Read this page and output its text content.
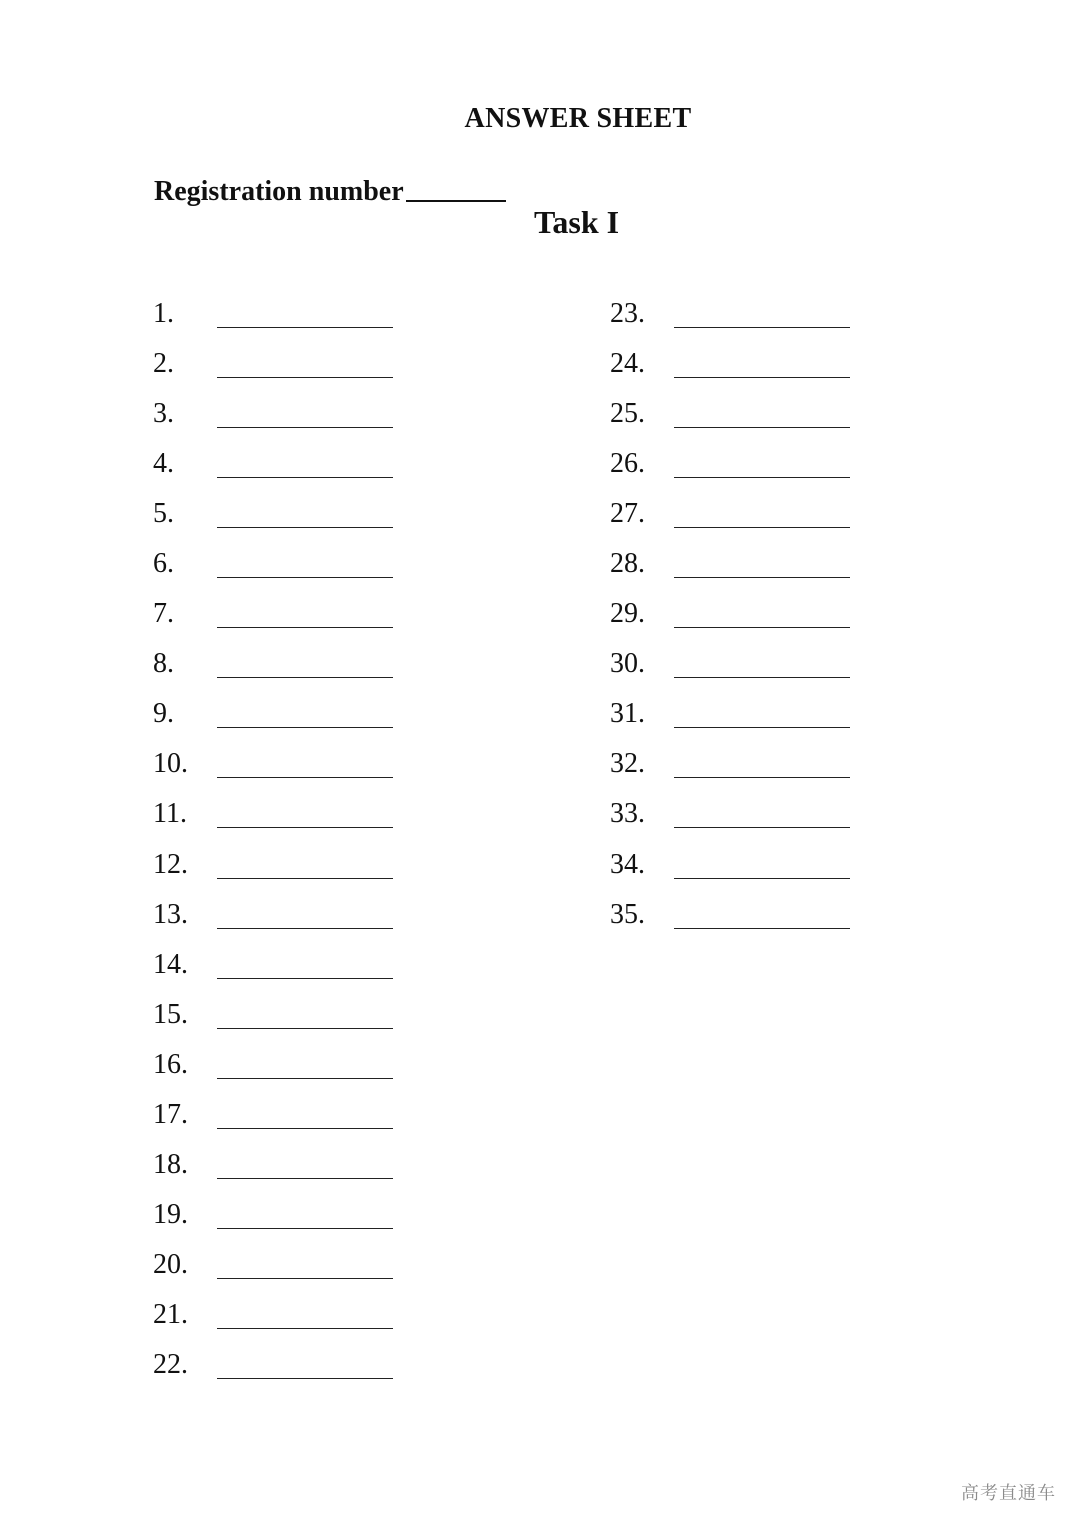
ANSWER SHEET
Registration number
Task I
1.
2.
3.
4.
5.
6.
7.
8.
9.
10.
11.
12.
13.
14.
15.
16.
17.
18.
19.
20.
21.
22.
23.
24.
25.
26.
27.
28.
29.
30.
31.
32.
33.
34.
35.
高考直通车
